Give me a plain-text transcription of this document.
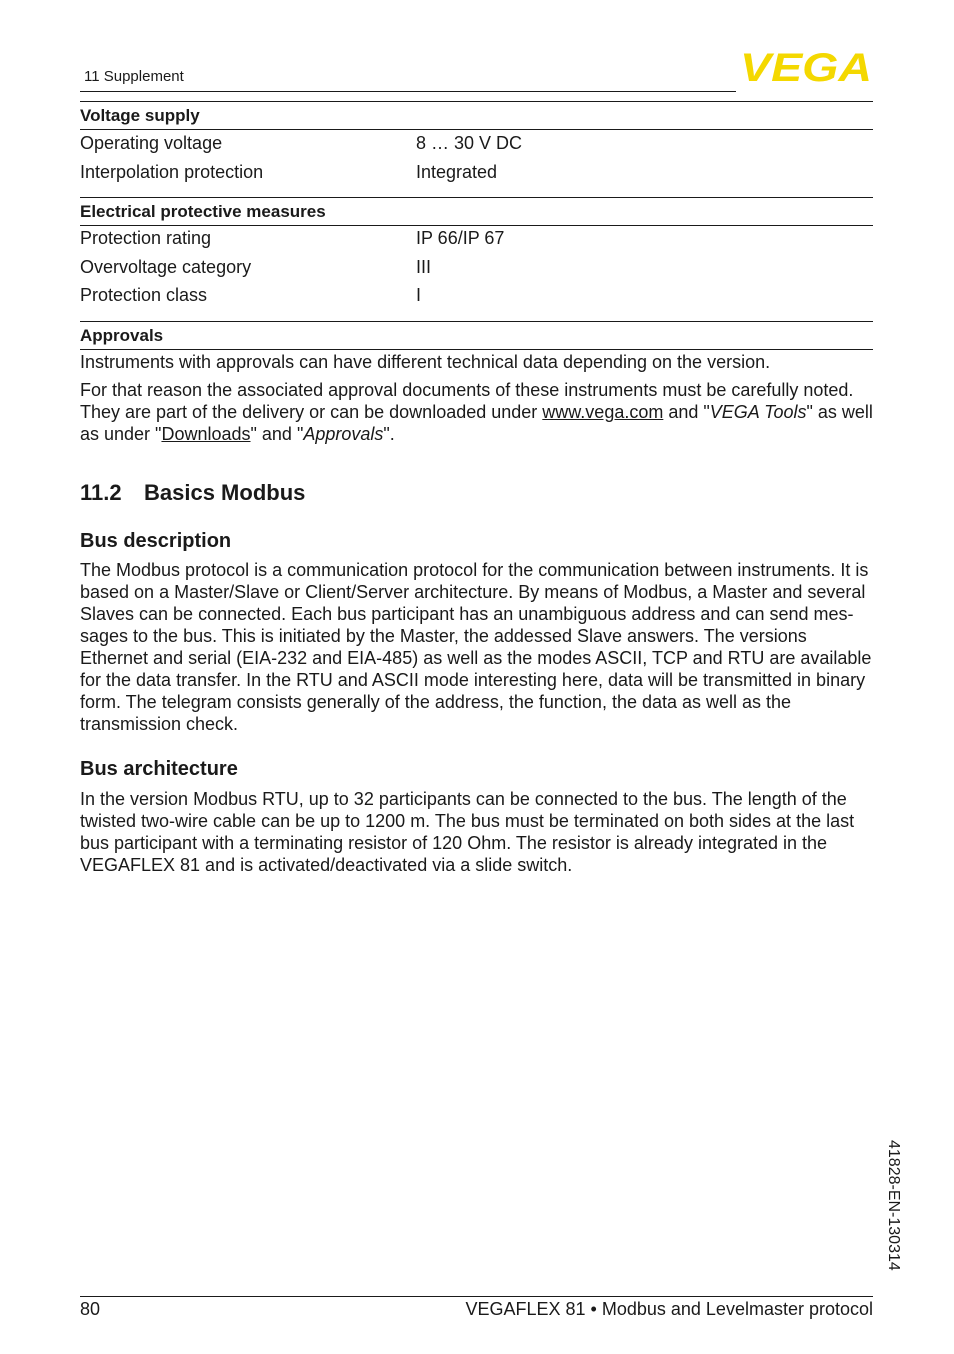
11 Supplement	VEGA
Voltage supply
Operating voltage	8 … 30 V DC
Interpolation protection	Integrated
Electrical protective measures
Protection rating	IP 66/IP 67
Overvoltage category	III
Protection class	I
Approvals
Instruments with approvals can have different technical data depending on the version.
For that reason the associated approval documents of these instruments must be carefully noted. They are part of the delivery or can be downloaded under www.vega.com and "VEGA Tools" as well as under "Downloads" and "Approvals".
11.2 Basics Modbus
Bus description
The Modbus protocol is a communication protocol for the communication between instruments. It is based on a Master/Slave or Client/Server architecture. By means of Modbus, a Master and several Slaves can be connected. Each bus participant has an unambiguous address and can send mes-sages to the bus. This is initiated by the Master, the addessed Slave answers. The versions Ethernet and serial (EIA-232 and EIA-485) as well as the modes ASCII, TCP and RTU are available for the data transfer. In the RTU and ASCII mode interesting here, data will be transmitted in binary form. The telegram consists generally of the address, the function, the data as well as the transmission check.
Bus architecture
In the version Modbus RTU, up to 32 participants can be connected to the bus. The length of the twisted two-wire cable can be up to 1200 m. The bus must be terminated on both sides at the last bus participant with a terminating resistor of 120 Ohm. The resistor is already integrated in the VEGAFLEX 81 and is activated/deactivated via a slide switch.
41828-EN-130314
80	VEGAFLEX 81 • Modbus and Levelmaster protocol
